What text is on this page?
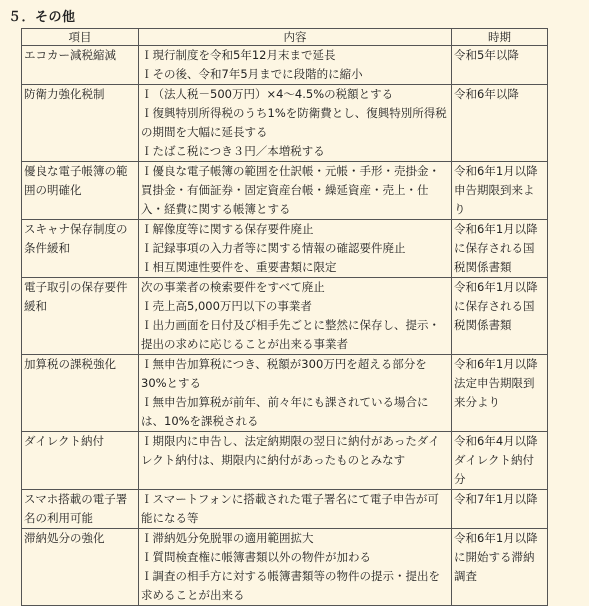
５．その他
項目	内容	時期
エコカー減税縮減	Ｉ現行制度を令和5年12月末まで延長
Ｉその後、令和7年5月までに段階的に縮小	令和5年以降
防衛力強化税制	Ｉ（法人税－500万円）×4～4.5%の税額とする
Ｉ復興特別所得税のうち1%を防衛費とし、復興特別所得税の期間を大幅に延長する
Ｉたばこ税につき３円／本増税する	令和6年以降
優良な電子帳簿の範囲の明確化	Ｉ優良な電子帳簿の範囲を仕訳帳・元帳・手形・売掛金・買掛金・有価証券・固定資産台帳・繰延資産・売上・仕入・経費に関する帳簿とする	令和6年1月以降申告期限到来より
スキャナ保存制度の条件緩和	Ｉ解像度等に関する保存要件廃止
Ｉ記録事項の入力者等に関する情報の確認要件廃止
Ｉ相互関連性要件を、重要書類に限定	令和6年1月以降に保存される国税関係書類
電子取引の保存要件緩和	次の事業者の検索要件をすべて廃止
Ｉ売上高5,000万円以下の事業者
Ｉ出力画面を日付及び相手先ごとに整然に保存し、提示・提出の求めに応じることが出来る事業者	令和6年1月以降に保存される国税関係書類
加算税の課税強化	Ｉ無申告加算税につき、税額が300万円を超える部分を30%とする
Ｉ無申告加算税が前年、前々年にも課されている場合には、10%を課税される	令和6年1月以降法定申告期限到来分より
ダイレクト納付	Ｉ期限内に申告し、法定納期限の翌日に納付があったダイレクト納付は、期限内に納付があったものとみなす	令和6年4月以降ダイレクト納付分
スマホ搭載の電子署名の利用可能	Ｉスマートフォンに搭載された電子署名にて電子申告が可能になる等	令和7年1月以降
滞納処分の強化	Ｉ滞納処分免脱罪の適用範囲拡大
Ｉ質問検査権に帳簿書類以外の物件が加わる
Ｉ調査の相手方に対する帳簿書類等の物件の提示・提出を求めることが出来る	令和6年1月以降に開始する滞納調査
